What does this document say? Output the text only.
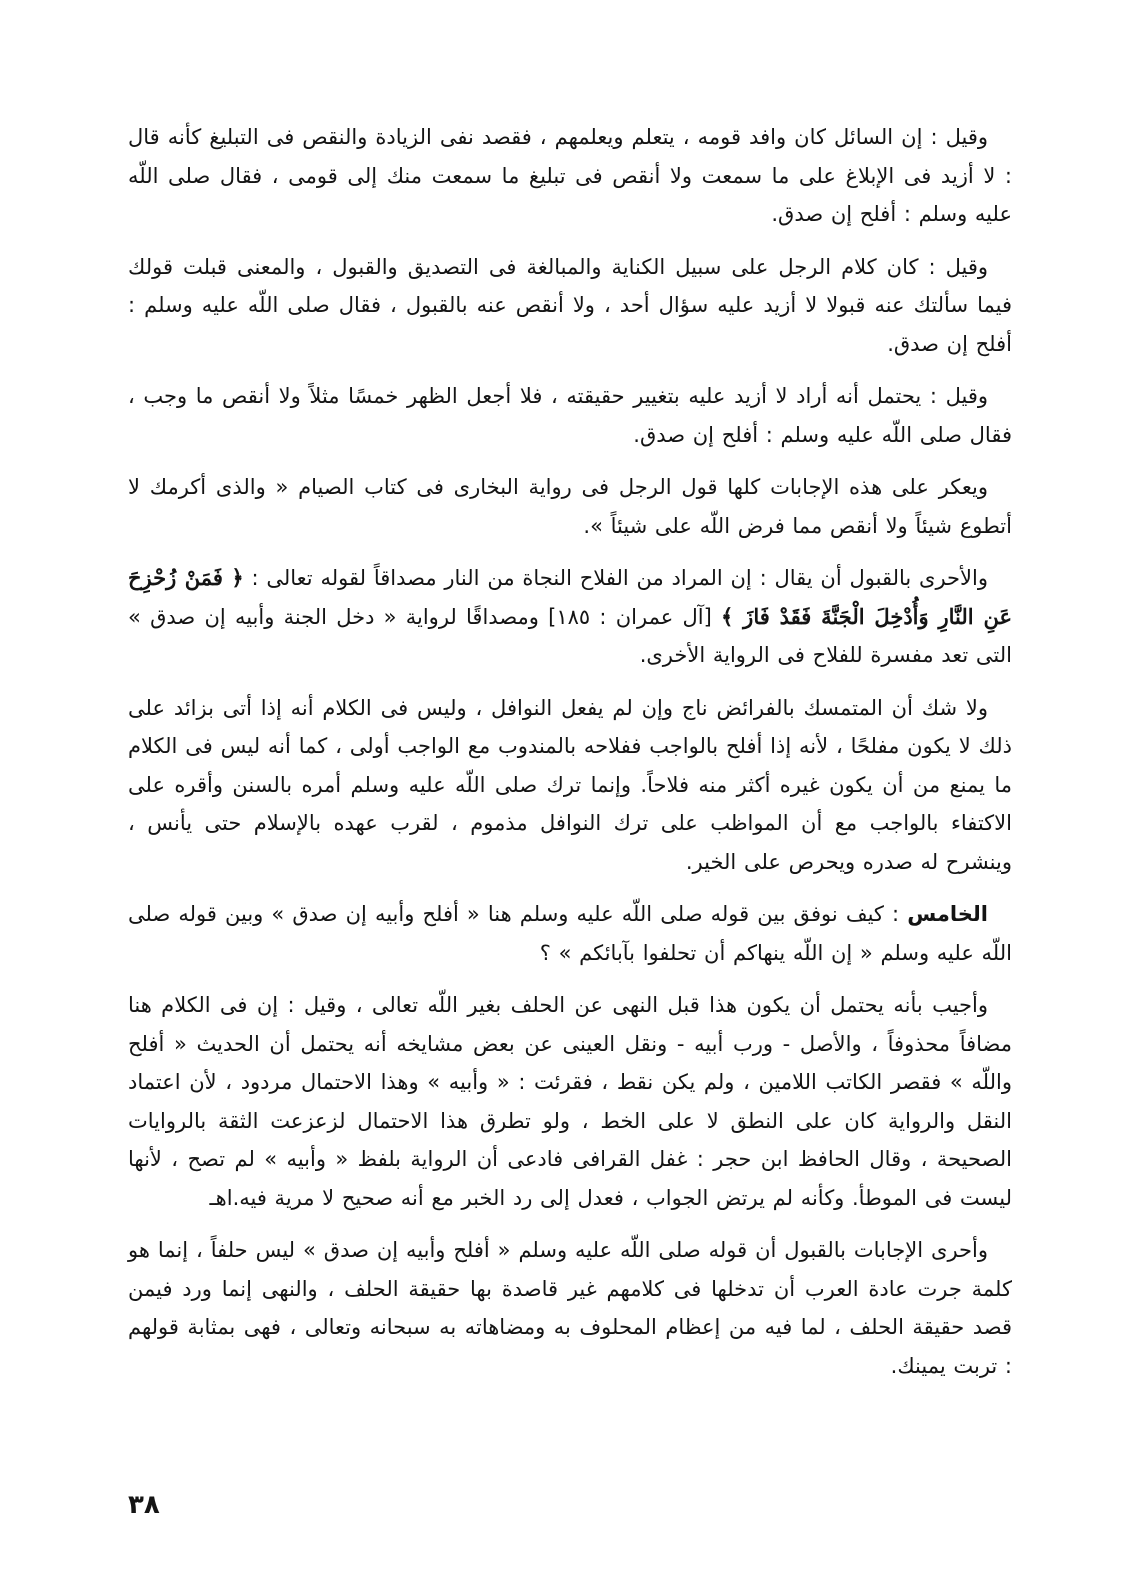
وقيل : إن السائل كان وافد قومه ، يتعلم ويعلمهم ، فقصد نفى الزيادة والنقص فى التبليغ كأنه قال : لا أزيد فى الإبلاغ على ما سمعت ولا أنقص فى تبليغ ما سمعت منك إلى قومى ، فقال صلى اللّه عليه وسلم : أفلح إن صدق.

وقيل : كان كلام الرجل على سبيل الكناية والمبالغة فى التصديق والقبول ، والمعنى قبلت قولك فيما سألتك عنه قبولا لا أزيد عليه سؤال أحد ، ولا أنقص عنه بالقبول ، فقال صلى اللّه عليه وسلم : أفلح إن صدق.

وقيل : يحتمل أنه أراد لا أزيد عليه بتغيير حقيقته ، فلا أجعل الظهر خمسًا مثلاً ولا أنقص ما وجب ، فقال صلى اللّه عليه وسلم : أفلح إن صدق.

ويعكر على هذه الإجابات كلها قول الرجل فى رواية البخارى فى كتاب الصيام « والذى أكرمك لا أتطوع شيئاً ولا أنقص مما فرض اللّه على شيئاً ».

والأحرى بالقبول أن يقال : إن المراد من الفلاح النجاة من النار مصداقاً لقوله تعالى : ﴿ فَمَنْ زُحْزِحَ عَنِ النَّارِ وَأُدْخِلَ الْجَنَّةَ فَقَدْ فَازَ ﴾ [آل عمران : ١٨٥] ومصداقًا لرواية « دخل الجنة وأبيه إن صدق » التى تعد مفسرة للفلاح فى الرواية الأخرى.

ولا شك أن المتمسك بالفرائض ناج وإن لم يفعل النوافل ، وليس فى الكلام أنه إذا أتى بزائد على ذلك لا يكون مفلحًا ، لأنه إذا أفلح بالواجب ففلاحه بالمندوب مع الواجب أولى ، كما أنه ليس فى الكلام ما يمنع من أن يكون غيره أكثر منه فلاحاً. وإنما ترك صلى اللّه عليه وسلم أمره بالسنن وأقره على الاكتفاء بالواجب مع أن المواظب على ترك النوافل مذموم ، لقرب عهده بالإسلام حتى يأنس ، وينشرح له صدره ويحرص على الخير.

الخامس : كيف نوفق بين قوله صلى اللّه عليه وسلم هنا « أفلح وأبيه إن صدق » وبين قوله صلى اللّه عليه وسلم « إن اللّه ينهاكم أن تحلفوا بآبائكم » ؟

وأجيب بأنه يحتمل أن يكون هذا قبل النهى عن الحلف بغير اللّه تعالى ، وقيل : إن فى الكلام هنا مضافاً محذوفاً ، والأصل - ورب أبيه - ونقل العينى عن بعض مشايخه أنه يحتمل أن الحديث « أفلح واللّه » فقصر الكاتب اللامين ، ولم يكن نقط ، فقرئت : « وأبيه » وهذا الاحتمال مردود ، لأن اعتماد النقل والرواية كان على النطق لا على الخط ، ولو تطرق هذا الاحتمال لزعزعت الثقة بالروايات الصحيحة ، وقال الحافظ ابن حجر : غفل القرافى فادعى أن الرواية بلفظ « وأبيه » لم تصح ، لأنها ليست فى الموطأ. وكأنه لم يرتض الجواب ، فعدل إلى رد الخبر مع أنه صحيح لا مرية فيه.اهـ

وأحرى الإجابات بالقبول أن قوله صلى اللّه عليه وسلم « أفلح وأبيه إن صدق » ليس حلفاً ، إنما هو كلمة جرت عادة العرب أن تدخلها فى كلامهم غير قاصدة بها حقيقة الحلف ، والنهى إنما ورد فيمن قصد حقيقة الحلف ، لما فيه من إعظام المحلوف به ومضاهاته به سبحانه وتعالى ، فهى بمثابة قولهم : تربت يمينك.

٣٨
